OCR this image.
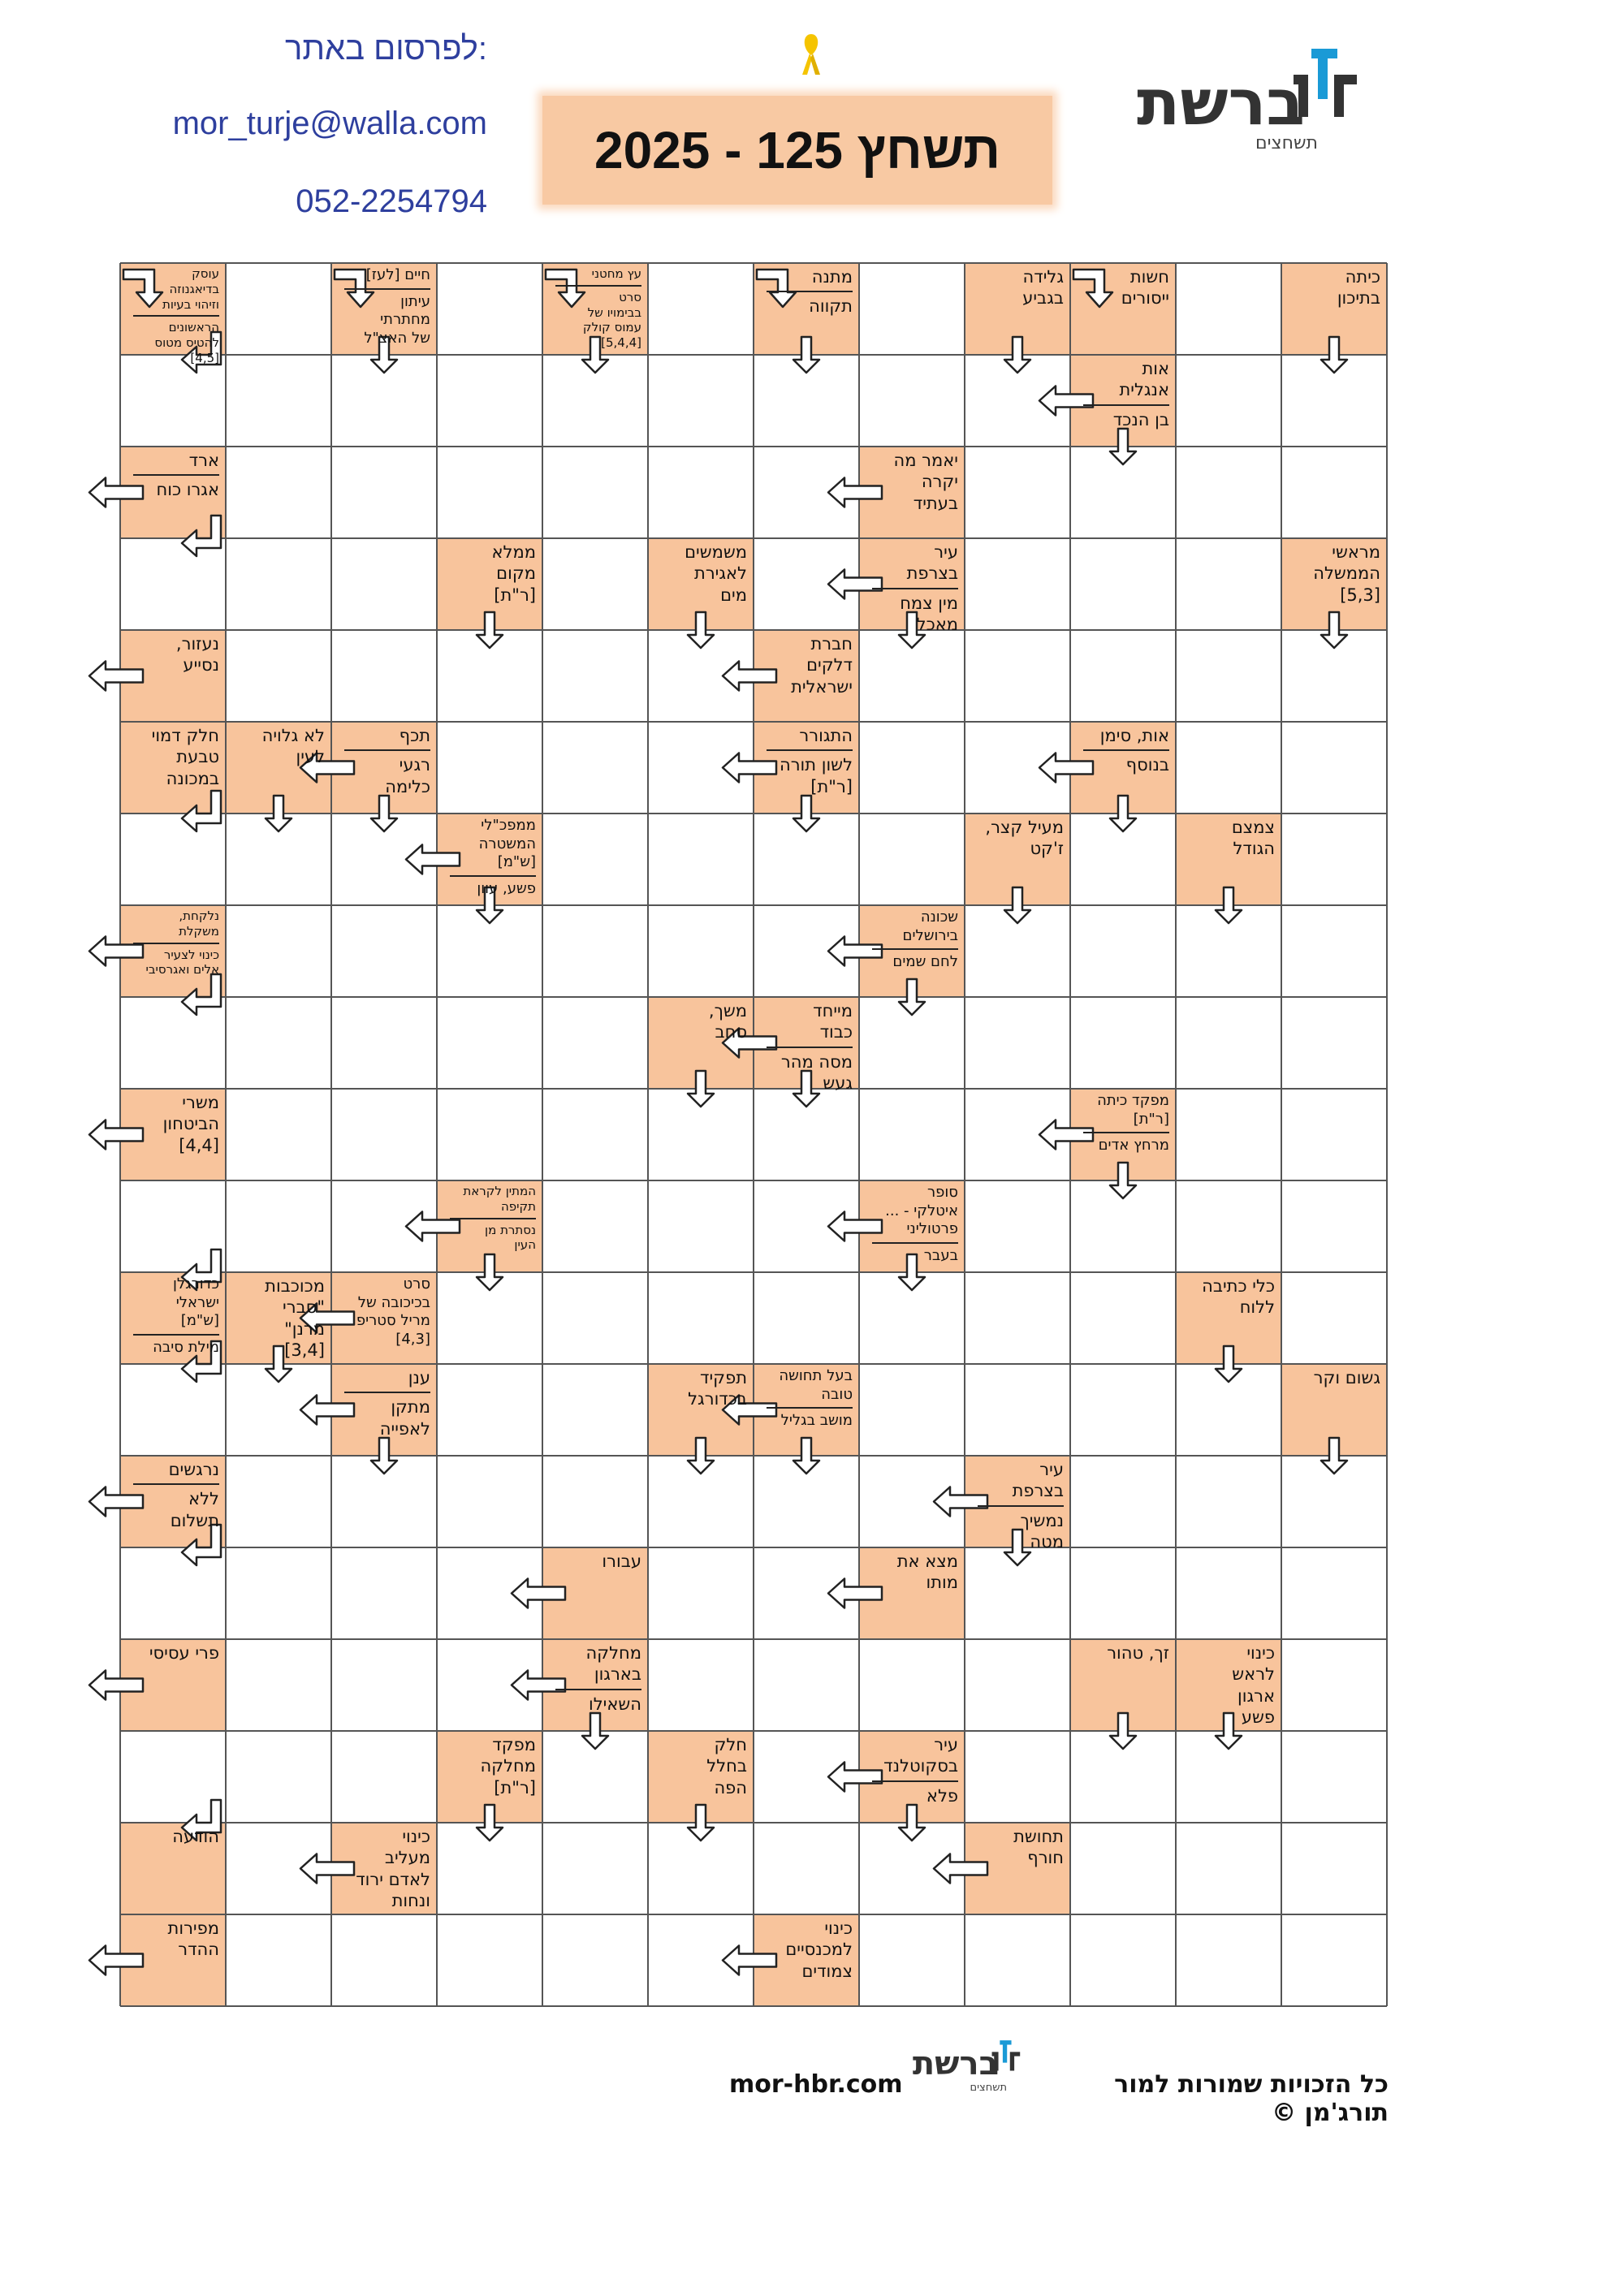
לפרסום באתר:
mor_turje@walla.com
052-2254794
תשחץ 125 - 2025
ברשת
תשחצים
עוסק
בדיאגנוזה
וזיהוי בעיות
הראשונים
להטיס מטוס
[4,5]
חיים [לעז]
עיתון
מחתרתי
של האצ"ל
עץ מחטני
סרט
בבימויו של
עמוס קולק
[5,4,4]
מתנה
תקווה
גלידה
בגביע
חשות
ייסורים
כיתה
בתיכון
אות
אנגלית
בן הנכד
ארד
אגרו כוח
יאמר מה
יקרה
בעתיד
ממלא
מקום
[ר"ת]
משמשים
לאגירת
מים
עיר
בצרפת
מין צמח
מאכל
מראשי
הממשלה
[5,3]
נעזור,
נסייע
חברת
דלקים
ישראלית
חלק דמוי
טבעת
במכונה
לא גלויה
לעין
תכף
רגעי
כלימה
התגורר
לשון תורה
[ר"ת]
אות, סימן
בנוסף
ממפכ"לי
המשטרה
[ש"מ]
פשע, עוון
מעיל קצר,
ז'קט
צמצם
הגודל
נלקחת,
משקלת
כינוי לצעיר
אלים ואגרסיבי
שכונה
בירושלים
לחם שמים
משך,
סחב
מייחד
כבוד
מסה מהר
געש
משרי
הביטחון
[4,4]
מפקד כיתה
[ר"ת]
מרחץ אדים
המתין לקראת
תקיפה
נסתרת מן
העין
סופר
איטלקי - ...
פרטוליני
בעבר
כדורגלן
ישראלי
[ש"מ]
מילת סיבה
מכוכבות
"סברי
מרנן"
[3,4]
סרט
בכיכובה של
מריל סטריפ
[4,3]
כלי כתיבה
ללוח
ענן
מתקן
לאפייה
תפקיד
בכדורגל
בעל תחושה
טובה
מושב בגליל
גשום וקר
נרגשים
ללא
תשלום
עיר
בצרפת
נמשיך
מטה
עבורו	מצא את
מותו
פרי עסיסי	מחלקה
בארגון
השאילו
זך, טהור	כינוי
לראש
ארגון
פשע
מפקד
מחלקה
[ר"ת]
חלק
בחלל
הפה
עיר
בסקוטלנד
פלא
הודעה	כינוי
מעליב
לאדם ירוד
ונחות
תחושת
חורף
מפירות
ההדר
כינוי
למכנסיים
צמודים
כל הזכויות שמורות למור תורג'מן ©
ברשת
תשחצים
mor-hbr.com
